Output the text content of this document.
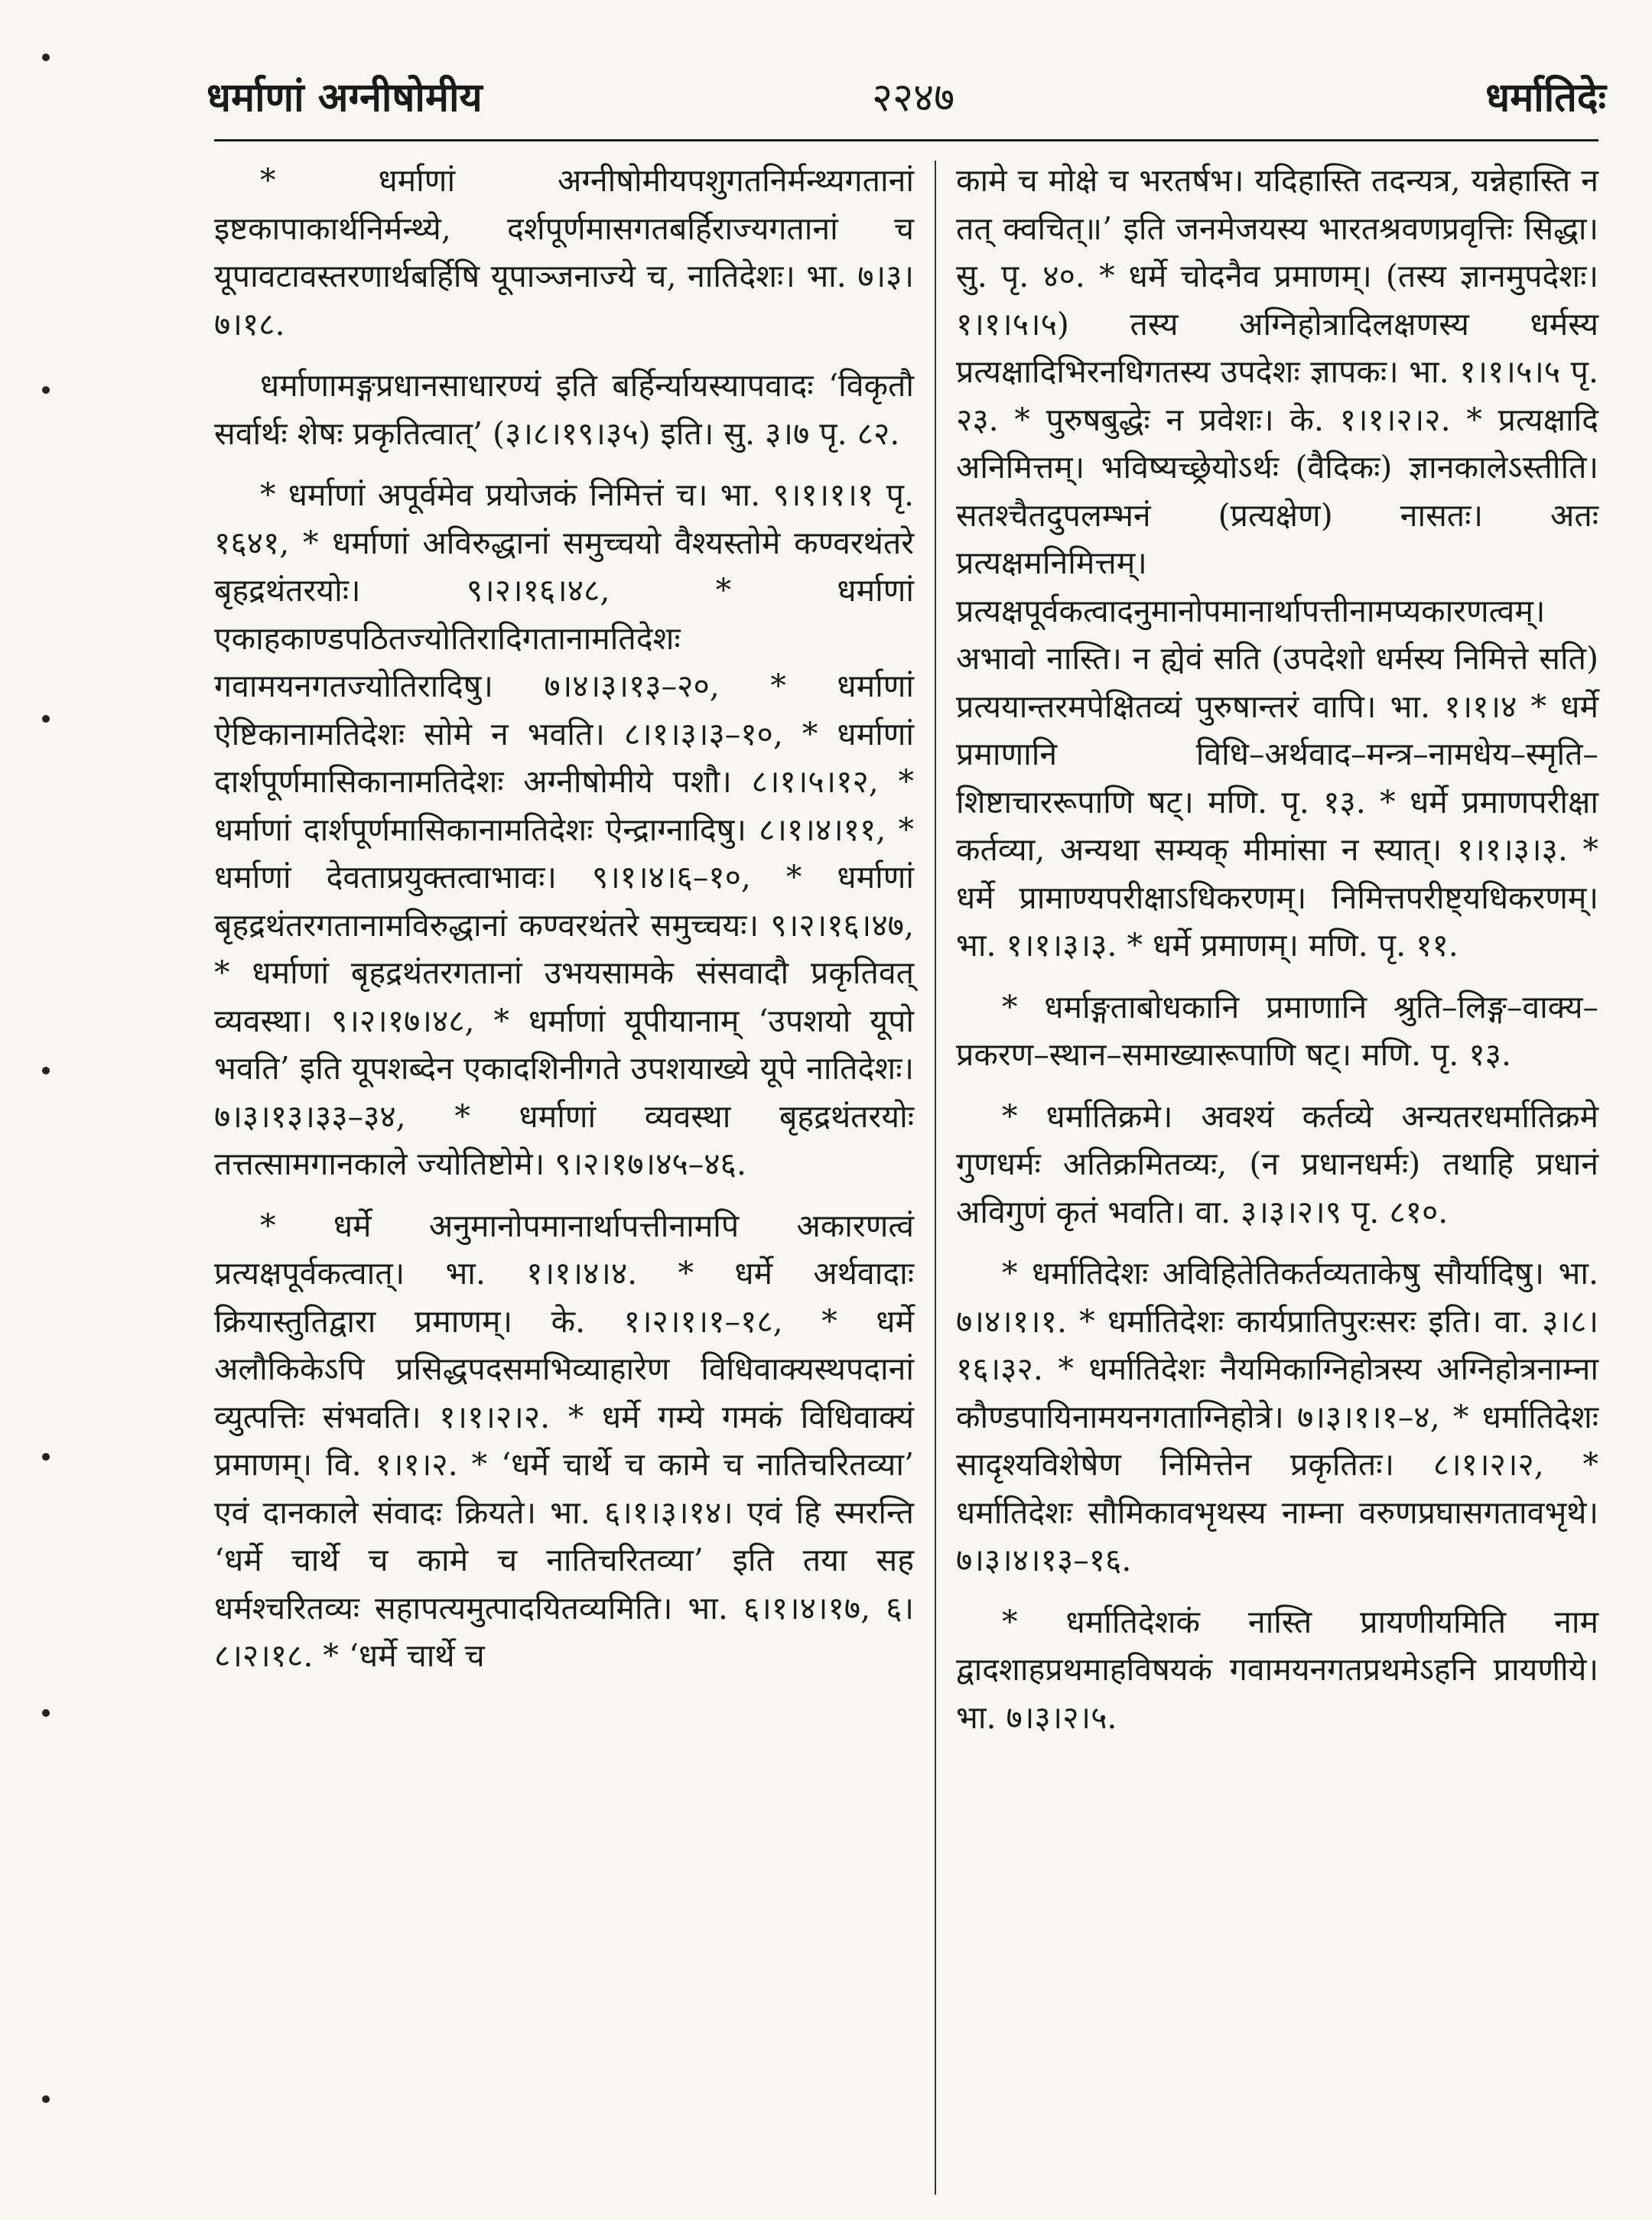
धर्माणां अग्नीषोमीय	२२४७	धर्मातिदेः

* धर्माणां अग्नीषोमीयपशुगतनिर्मन्थ्यगतानां इष्टकापाकार्थनिर्मन्थ्ये, दर्शपूर्णमासगतबर्हिराज्यगतानां च यूपावटावस्तरणार्थबर्हिषि यूपाञ्जनाज्ये च, नातिदेशः। भा. ७।३।७।१८.

धर्माणामङ्गप्रधानसाधारण्यं इति बर्हिर्न्यायस्यापवादः ‘विकृतौ सर्वार्थः शेषः प्रकृतित्वात्’ (३।८।१९।३५) इति। सु. ३।७ पृ. ८२.

* धर्माणां अपूर्वमेव प्रयोजकं निमित्तं च। भा. ९।१।१।१ पृ. १६४१, * धर्माणां अविरुद्धानां समुच्चयो वैश्यस्तोमे कण्वरथंतरे बृहद्रथंतरयोः। ९।२।१६।४८, * धर्माणां एकाहकाण्डपठितज्योतिरादिगतानामतिदेशः गवामयनगतज्योतिरादिषु। ७।४।३।१३–२०, * धर्माणां ऐष्टिकानामतिदेशः सोमे न भवति। ८।१।३।३–१०, * धर्माणां दार्शपूर्णमासिकानामतिदेशः अग्नीषोमीये पशौ। ८।१।५।१२, * धर्माणां दार्शपूर्णमासिकानामतिदेशः ऐन्द्राग्नादिषु। ८।१।४।११, * धर्माणां देवताप्रयुक्तत्वाभावः। ९।१।४।६–१०, * धर्माणां बृहद्रथंतरगतानामविरुद्धानां कण्वरथंतरे समुच्चयः। ९।२।१६।४७, * धर्माणां बृहद्रथंतरगतानां उभयसामके संसवादौ प्रकृतिवत् व्यवस्था। ९।२।१७।४८, * धर्माणां यूपीयानाम् ‘उपशयो यूपो भवति’ इति यूपशब्देन एकादशिनीगते उपशयाख्ये यूपे नातिदेशः। ७।३।१३।३३–३४, * धर्माणां व्यवस्था बृहद्रथंतरयोः तत्तत्सामगानकाले ज्योतिष्टोमे। ९।२।१७।४५–४६.

* धर्मे अनुमानोपमानार्थापत्तीनामपि अकारणत्वं प्रत्यक्षपूर्वकत्वात्। भा. १।१।४।४. * धर्मे अर्थवादाः क्रियास्तुतिद्वारा प्रमाणम्। के. १।२।१।१–१८, * धर्मे अलौकिकेऽपि प्रसिद्धपदसमभिव्याहारेण विधिवाक्यस्थपदानां व्युत्पत्तिः संभवति। १।१।२।२. * धर्मे गम्ये गमकं विधिवाक्यं प्रमाणम्। वि. १।१।२. * ‘धर्मे चार्थे च कामे च नातिचरितव्या’ एवं दानकाले संवादः क्रियते। भा. ६।१।३।१४। एवं हि स्मरन्ति ‘धर्मे चार्थे च कामे च नातिचरितव्या’ इति तया सह धर्मश्चरितव्यः सहापत्यमुत्पादयितव्यमिति। भा. ६।१।४।१७, ६।८।२।१८. * ‘धर्मे चार्थे च

कामे च मोक्षे च भरतर्षभ। यदिहास्ति तदन्यत्र, यन्नेहास्ति न तत् क्वचित्॥’ इति जनमेजयस्य भारतश्रवणप्रवृत्तिः सिद्धा। सु. पृ. ४०. * धर्मे चोदनैव प्रमाणम्। (तस्य ज्ञानमुपदेशः। १।१।५।५) तस्य अग्निहोत्रादिलक्षणस्य धर्मस्य प्रत्यक्षादिभिरनधिगतस्य उपदेशः ज्ञापकः। भा. १।१।५।५ पृ. २३. * पुरुषबुद्धेः न प्रवेशः। के. १।१।२।२. * प्रत्यक्षादि अनिमित्तम्। भविष्यच्छ्रेयोऽर्थः (वैदिकः) ज्ञानकालेऽस्तीति। सतश्चैतदुपलम्भनं (प्रत्यक्षेण) नासतः। अतः प्रत्यक्षमनिमित्तम्। प्रत्यक्षपूर्वकत्वादनुमानोपमानार्थापत्तीनामप्यकारणत्वम्। अभावो नास्ति। न ह्येवं सति (उपदेशो धर्मस्य निमित्ते सति) प्रत्ययान्तरमपेक्षितव्यं पुरुषान्तरं वापि। भा. १।१।४ * धर्मे प्रमाणानि विधि–अर्थवाद–मन्त्र–नामधेय–स्मृति–शिष्टाचाररूपाणि षट्। मणि. पृ. १३. * धर्मे प्रमाणपरीक्षा कर्तव्या, अन्यथा सम्यक् मीमांसा न स्यात्। १।१।३।३. * धर्मे प्रामाण्यपरीक्षाऽधिकरणम्। निमित्तपरीष्ट्यधिकरणम्। भा. १।१।३।३. * धर्मे प्रमाणम्। मणि. पृ. ११.

* धर्माङ्गताबोधकानि प्रमाणानि श्रुति–लिङ्ग–वाक्य–प्रकरण–स्थान–समाख्यारूपाणि षट्। मणि. पृ. १३.

* धर्मातिक्रमे। अवश्यं कर्तव्ये अन्यतरधर्मातिक्रमे गुणधर्मः अतिक्रमितव्यः, (न प्रधानधर्मः) तथाहि प्रधानं अविगुणं कृतं भवति। वा. ३।३।२।९ पृ. ८१०.

* धर्मातिदेशः अविहितेतिकर्तव्यताकेषु सौर्यादिषु। भा. ७।४।१।१. * धर्मातिदेशः कार्यप्रातिपुरःसरः इति। वा. ३।८।१६।३२. * धर्मातिदेशः नैयमिकाग्निहोत्रस्य अग्निहोत्रनाम्ना कौण्डपायिनामयनगताग्निहोत्रे। ७।३।१।१–४, * धर्मातिदेशः सादृश्यविशेषेण निमित्तेन प्रकृतितः। ८।१।२।२, * धर्मातिदेशः सौमिकावभृथस्य नाम्ना वरुणप्रघासगतावभृथे। ७।३।४।१३–१६.

* धर्मातिदेशकं नास्ति प्रायणीयमिति नाम द्वादशाहप्रथमाहविषयकं गवामयनगतप्रथमेऽहनि प्रायणीये। भा. ७।३।२।५.
